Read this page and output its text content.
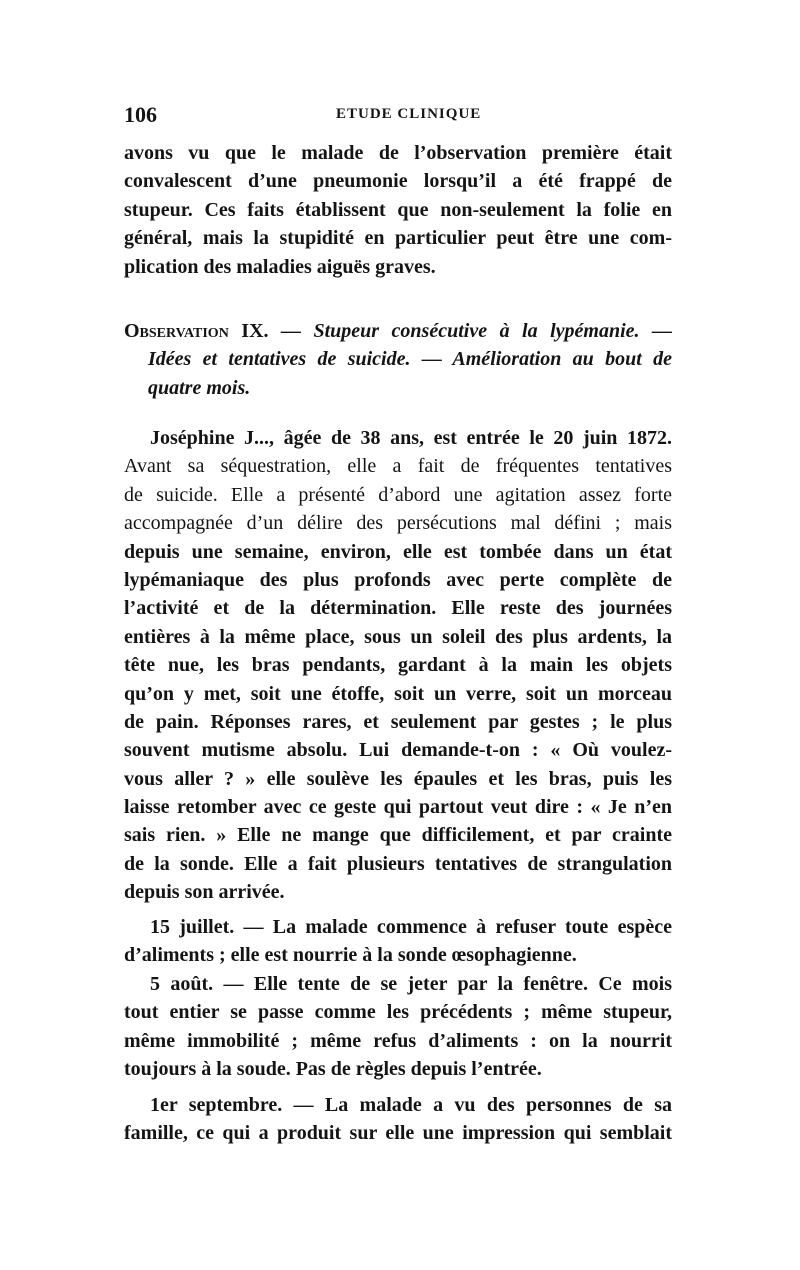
106	ETUDE CLINIQUE
avons vu que le malade de l’observation première était
convalescent d’une pneumonie lorsqu’il a été frappé de
stupeur. Ces faits établissent que non-seulement la folie en
général, mais la stupidité en particulier peut être une com-
plication des maladies aiguës graves.
Observation IX. — Stupeur consécutive à la lypémanie. —
Idées et tentatives de suicide. — Amélioration au bout de
quatre mois.
Joséphine J..., âgée de 38 ans, est entrée le 20 juin 1872.
Avant sa séquestration, elle a fait de fréquentes tentatives
de suicide. Elle a présenté d’abord une agitation assez forte
accompagnée d’un délire des persécutions mal défini ; mais
depuis une semaine, environ, elle est tombée dans un état
lypémaniaque des plus profonds avec perte complète de
l’activité et de la détermination. Elle reste des journées
entières à la même place, sous un soleil des plus ardents, la
tête nue, les bras pendants, gardant à la main les objets
qu’on y met, soit une étoffe, soit un verre, soit un morceau
de pain. Réponses rares, et seulement par gestes ; le plus
souvent mutisme absolu. Lui demande-t-on : « Où voulez-
vous aller ? » elle soulève les épaules et les bras, puis les
laisse retomber avec ce geste qui partout veut dire : « Je n’en
sais rien. » Elle ne mange que difficilement, et par crainte
de la sonde. Elle a fait plusieurs tentatives de strangulation
depuis son arrivée.
15 juillet. — La malade commence à refuser toute espèce
d’aliments ; elle est nourrie à la sonde œsophagienne.
5 août. — Elle tente de se jeter par la fenêtre. Ce mois
tout entier se passe comme les précédents ; même stupeur,
même immobilité ; même refus d’aliments : on la nourrit
toujours à la soude. Pas de règles depuis l’entrée.
1er septembre. — La malade a vu des personnes de sa
famille, ce qui a produit sur elle une impression qui semblait
